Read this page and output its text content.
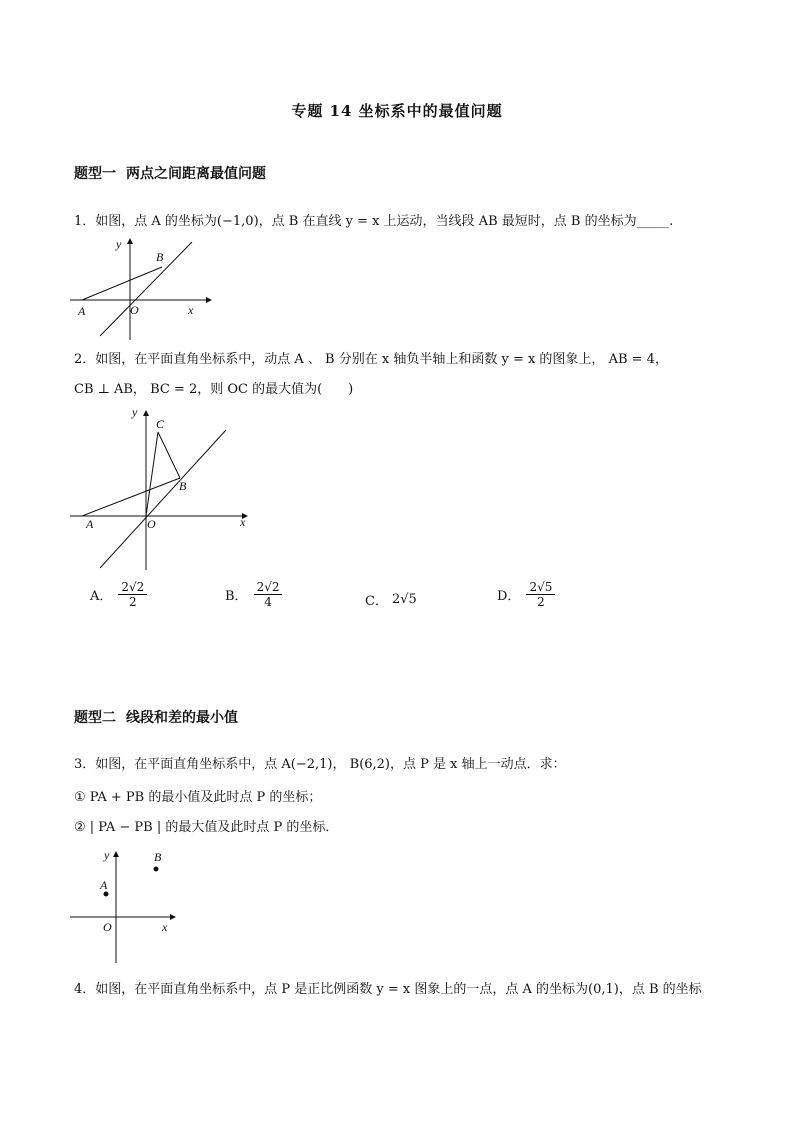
专题 14 坐标系中的最值问题
题型一 两点之间距离最值问题
1．如图，点 A 的坐标为(−1,0)，点 B 在直线 y = x 上运动，当线段 AB 最短时，点 B 的坐标为_____.
y
x
O
A
B
2．如图，在平面直角坐标系中，动点 A 、 B 分别在 x 轴负半轴上和函数 y = x 的图象上， AB = 4，
CB ⊥ AB， BC = 2，则 OC 的最大值为(　　)
y
x
O
A
B
C
A． $\frac{2√2}{2}$	B． $\frac{2√2}{4}$	C． 2√5	D． $\frac{2√5}{2}$
题型二 线段和差的最小值
3．如图，在平面直角坐标系中，点 A(−2,1)， B(6,2)，点 P 是 x 轴上一动点．求：
① PA + PB 的最小值及此时点 P 的坐标；
② | PA − PB | 的最大值及此时点 P 的坐标．
y
x
O
A
B
4．如图，在平面直角坐标系中，点 P 是正比例函数 y = x 图象上的一点，点 A 的坐标为(0,1)，点 B 的坐标
